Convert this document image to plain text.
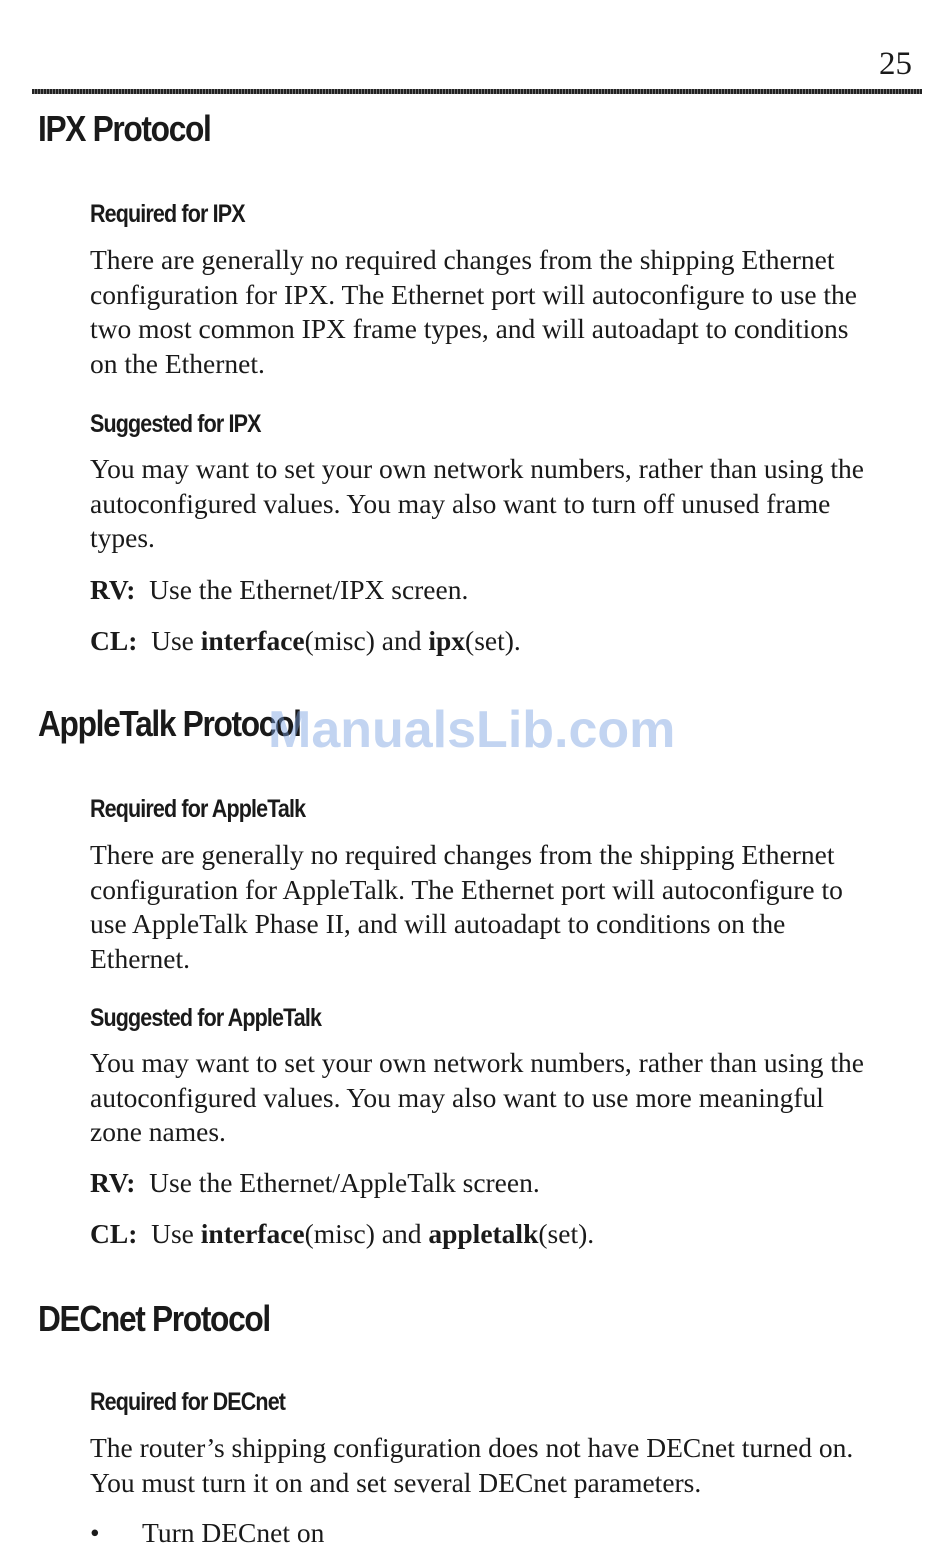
25
IPX Protocol
Required for IPX
There are generally no required changes from the shipping Ethernet
configuration for IPX. The Ethernet port will autoconfigure to use the
two most common IPX frame types, and will autoadapt to conditions
on the Ethernet.
Suggested for IPX
You may want to set your own network numbers, rather than using the
autoconfigured values. You may also want to turn off unused frame
types.
RV: Use the Ethernet/IPX screen.
CL: Use interface(misc) and ipx(set).
AppleTalk Protocol
Required for AppleTalk
There are generally no required changes from the shipping Ethernet
configuration for AppleTalk. The Ethernet port will autoconfigure to
use AppleTalk Phase II, and will autoadapt to conditions on the
Ethernet.
Suggested for AppleTalk
You may want to set your own network numbers, rather than using the
autoconfigured values. You may also want to use more meaningful
zone names.
RV: Use the Ethernet/AppleTalk screen.
CL: Use interface(misc) and appletalk(set).
DECnet Protocol
Required for DECnet
The router’s shipping configuration does not have DECnet turned on.
You must turn it on and set several DECnet parameters.
• Turn DECnet on
ManualsLib.com
